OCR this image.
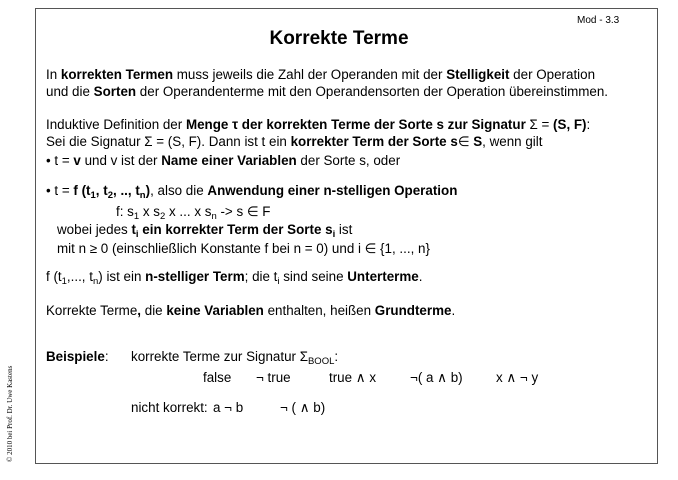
Mod - 3.3
Korrekte Terme
© 2010 bei Prof. Dr. Uwe Kastens
In korrekten Termen muss jeweils die Zahl der Operanden mit der Stelligkeit der Operation
und die Sorten der Operandenterme mit den Operandensorten der Operation übereinstimmen.
Induktive Definition der Menge τ der korrekten Terme der Sorte s zur Signatur Σ = (S, F):
Sei die Signatur Σ = (S, F). Dann ist t ein korrekter Term der Sorte s∈ S, wenn gilt
• t = v und v ist der Name einer Variablen der Sorte s, oder
• t = f ($t_1$, $t_2$, .., $t_n$), also die Anwendung einer n-stelligen Operation
f: $s_1$ x $s_2$ x ... x $s_n -> s$ ∈ F
wobei jedes $t_i$ ein korrekter Term der Sorte $s_i$ ist
mit n ≥ 0 (einschließlich Konstante f bei n = 0) und i ∈ {1, ..., n}
f ($t_1$,..., $t_n$) ist ein n-stelliger Term; die $t_i$ sind seine Unterterme.
Korrekte Terme, die keine Variablen enthalten, heißen Grundterme.
Beispiele: korrekte Terme zur Signatur $\Sigma_{BOOL}$:
false ¬ true	true ∧ x	¬( a ∧ b) x ∧ ¬ y
nicht korrekt: a ¬ b	¬ ( ∧ b)
